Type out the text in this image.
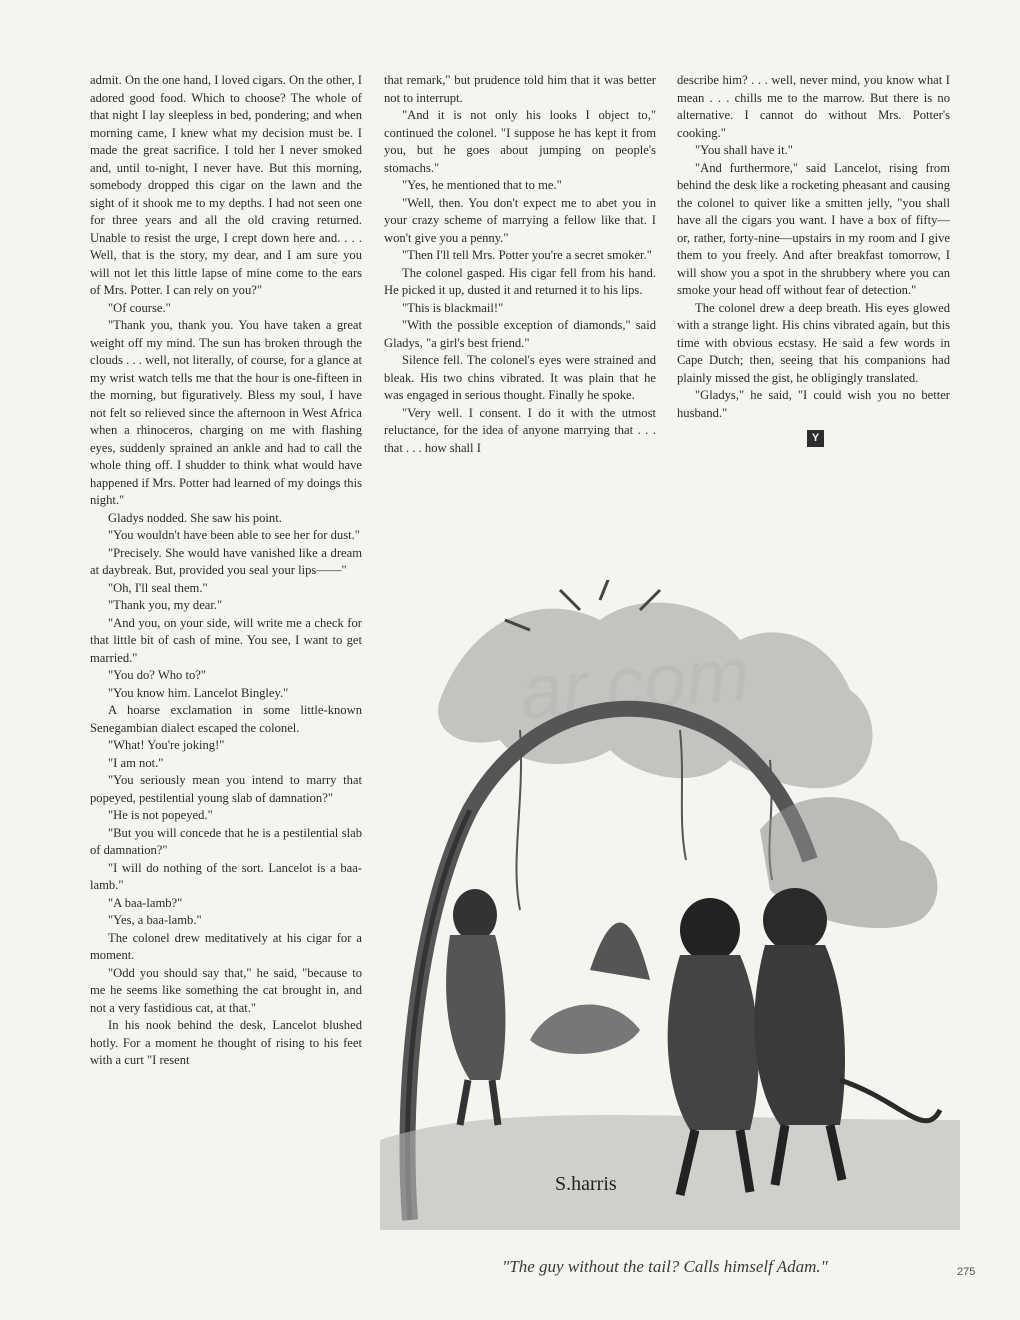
admit. On the one hand, I loved cigars. On the other, I adored good food. Which to choose? The whole of that night I lay sleepless in bed, pondering; and when morning came, I knew what my decision must be. I made the great sacrifice. I told her I never smoked and, until to-night, I never have. But this morning, somebody dropped this cigar on the lawn and the sight of it shook me to my depths. I had not seen one for three years and all the old craving returned. Unable to resist the urge, I crept down here and. . . . Well, that is the story, my dear, and I am sure you will not let this little lapse of mine come to the ears of Mrs. Potter. I can rely on you?"

"Of course."

"Thank you, thank you. You have taken a great weight off my mind. The sun has broken through the clouds . . . well, not literally, of course, for a glance at my wrist watch tells me that the hour is one-fifteen in the morning, but figuratively. Bless my soul, I have not felt so relieved since the afternoon in West Africa when a rhinoceros, charging on me with flashing eyes, suddenly sprained an ankle and had to call the whole thing off. I shudder to think what would have happened if Mrs. Potter had learned of my doings this night."

Gladys nodded. She saw his point.

"You wouldn't have been able to see her for dust."

"Precisely. She would have vanished like a dream at daybreak. But, provided you seal your lips——"

"Oh, I'll seal them."

"Thank you, my dear."

"And you, on your side, will write me a check for that little bit of cash of mine. You see, I want to get married."

"You do? Who to?"

"You know him. Lancelot Bingley."

A hoarse exclamation in some little-known Senegambian dialect escaped the colonel.

"What! You're joking!"

"I am not."

"You seriously mean you intend to marry that popeyed, pestilential young slab of damnation?"

"He is not popeyed."

"But you will concede that he is a pestilential slab of damnation?"

"I will do nothing of the sort. Lancelot is a baa-lamb."

"A baa-lamb?"

"Yes, a baa-lamb."

The colonel drew meditatively at his cigar for a moment.

"Odd you should say that," he said, "because to me he seems like something the cat brought in, and not a very fastidious cat, at that."

In his nook behind the desk, Lancelot blushed hotly. For a moment he thought of rising to his feet with a curt "I resent

that remark," but prudence told him that it was better not to interrupt.

"And it is not only his looks I object to," continued the colonel. "I suppose he has kept it from you, but he goes about jumping on people's stomachs."

"Yes, he mentioned that to me."

"Well, then. You don't expect me to abet you in your crazy scheme of marrying a fellow like that. I won't give you a penny."

"Then I'll tell Mrs. Potter you're a secret smoker."

The colonel gasped. His cigar fell from his hand. He picked it up, dusted it and returned it to his lips.

"This is blackmail!"

"With the possible exception of diamonds," said Gladys, "a girl's best friend."

Silence fell. The colonel's eyes were strained and bleak. His two chins vibrated. It was plain that he was engaged in serious thought. Finally he spoke.

"Very well. I consent. I do it with the utmost reluctance, for the idea of anyone marrying that . . . that . . . how shall I

describe him? . . . well, never mind, you know what I mean . . . chills me to the marrow. But there is no alternative. I cannot do without Mrs. Potter's cooking."

"You shall have it."

"And furthermore," said Lancelot, rising from behind the desk like a rocketing pheasant and causing the colonel to quiver like a smitten jelly, "you shall have all the cigars you want. I have a box of fifty—or, rather, forty-nine—upstairs in my room and I give them to you freely. And after breakfast tomorrow, I will show you a spot in the shrubbery where you can smoke your head off without fear of detection."

The colonel drew a deep breath. His eyes glowed with a strange light. His chins vibrated again, but this time with obvious ecstasy. He said a few words in Cape Dutch; then, seeing that his companions had plainly missed the gist, he obligingly translated.

"Gladys," he said, "I could wish you no better husband."

Y
S.harris
"The guy without the tail? Calls himself Adam."	275
